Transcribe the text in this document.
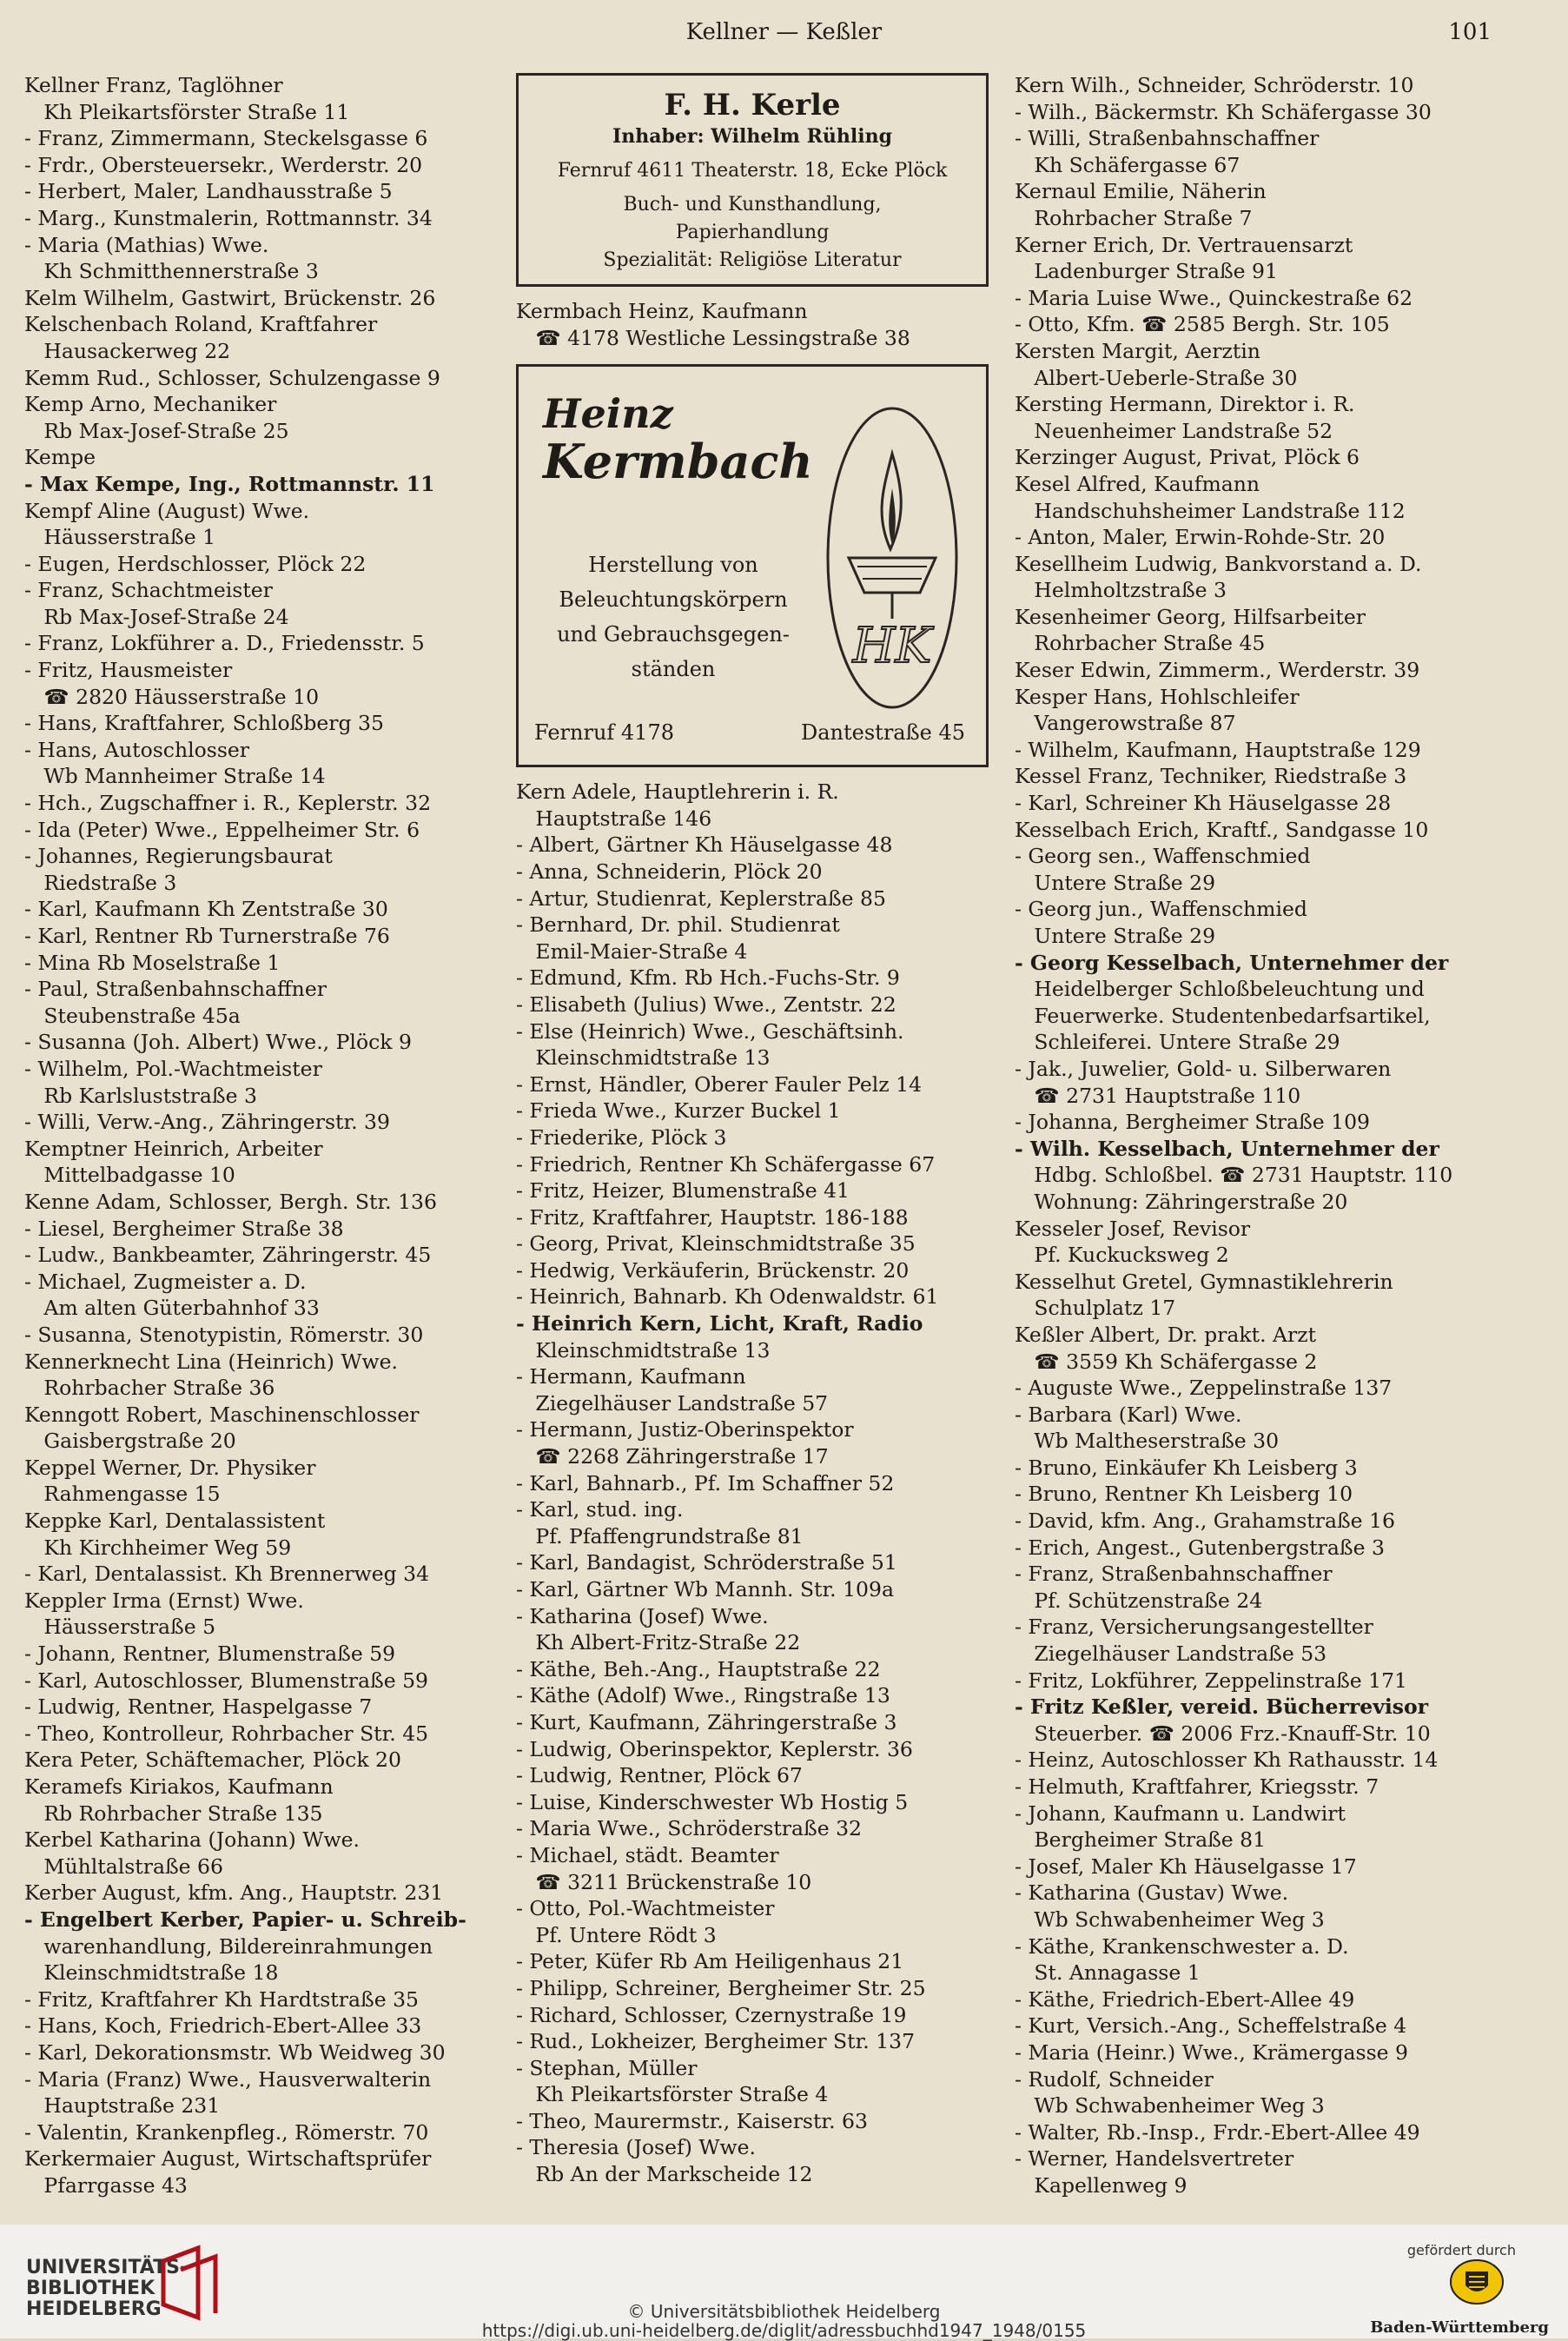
Kellner — Keßler	101
Kellner Franz, Taglöhner
Kh Pleikartsförster Straße 11
- Franz, Zimmermann, Steckelsgasse 6
- Frdr., Obersteuersekr., Werderstr. 20
- Herbert, Maler, Landhausstraße 5
- Marg., Kunstmalerin, Rottmannstr. 34
- Maria (Mathias) Wwe.
Kh Schmitthennerstraße 3
Kelm Wilhelm, Gastwirt, Brückenstr. 26
Kelschenbach Roland, Kraftfahrer
Hausackerweg 22
Kemm Rud., Schlosser, Schulzengasse 9
Kemp Arno, Mechaniker
Rb Max-Josef-Straße 25
Kempe
- Max Kempe, Ing., Rottmannstr. 11
Kempf Aline (August) Wwe.
Häusserstraße 1
- Eugen, Herdschlosser, Plöck 22
- Franz, Schachtmeister
Rb Max-Josef-Straße 24
- Franz, Lokführer a. D., Friedensstr. 5
- Fritz, Hausmeister
☎ 2820 Häusserstraße 10
- Hans, Kraftfahrer, Schloßberg 35
- Hans, Autoschlosser
Wb Mannheimer Straße 14
- Hch., Zugschaffner i. R., Keplerstr. 32
- Ida (Peter) Wwe., Eppelheimer Str. 6
- Johannes, Regierungsbaurat
Riedstraße 3
- Karl, Kaufmann Kh Zentstraße 30
- Karl, Rentner Rb Turnerstraße 76
- Mina Rb Moselstraße 1
- Paul, Straßenbahnschaffner
Steubenstraße 45a
- Susanna (Joh. Albert) Wwe., Plöck 9
- Wilhelm, Pol.-Wachtmeister
Rb Karlsluststraße 3
- Willi, Verw.-Ang., Zähringerstr. 39
Kemptner Heinrich, Arbeiter
Mittelbadgasse 10
Kenne Adam, Schlosser, Bergh. Str. 136
- Liesel, Bergheimer Straße 38
- Ludw., Bankbeamter, Zähringerstr. 45
- Michael, Zugmeister a. D.
Am alten Güterbahnhof 33
- Susanna, Stenotypistin, Römerstr. 30
Kennerknecht Lina (Heinrich) Wwe.
Rohrbacher Straße 36
Kenngott Robert, Maschinenschlosser
Gaisbergstraße 20
Keppel Werner, Dr. Physiker
Rahmengasse 15
Keppke Karl, Dentalassistent
Kh Kirchheimer Weg 59
- Karl, Dentalassist. Kh Brennerweg 34
Keppler Irma (Ernst) Wwe.
Häusserstraße 5
- Johann, Rentner, Blumenstraße 59
- Karl, Autoschlosser, Blumenstraße 59
- Ludwig, Rentner, Haspelgasse 7
- Theo, Kontrolleur, Rohrbacher Str. 45
Kera Peter, Schäftemacher, Plöck 20
Keramefs Kiriakos, Kaufmann
Rb Rohrbacher Straße 135
Kerbel Katharina (Johann) Wwe.
Mühltalstraße 66
Kerber August, kfm. Ang., Hauptstr. 231
- Engelbert Kerber, Papier- u. Schreib-
warenhandlung, Bildereinrahmungen
Kleinschmidtstraße 18
- Fritz, Kraftfahrer Kh Hardtstraße 35
- Hans, Koch, Friedrich-Ebert-Allee 33
- Karl, Dekorationsmstr. Wb Weidweg 30
- Maria (Franz) Wwe., Hausverwalterin
Hauptstraße 231
- Valentin, Krankenpfleg., Römerstr. 70
Kerkermaier August, Wirtschaftsprüfer
Pfarrgasse 43
F. H. Kerle
Inhaber: Wilhelm Rühling
Fernruf 4611 Theaterstr. 18, Ecke Plöck
Buch- und Kunsthandlung,
Papierhandlung
Spezialität: Religiöse Literatur
Kermbach Heinz, Kaufmann
☎ 4178 Westliche Lessingstraße 38
Heinz
Kermbach
Herstellung von
Beleuchtungskörpern
und Gebrauchsgegen-
ständen	HK
Fernruf 4178	Dantestraße 45
Kern Adele, Hauptlehrerin i. R.
Hauptstraße 146
- Albert, Gärtner Kh Häuselgasse 48
- Anna, Schneiderin, Plöck 20
- Artur, Studienrat, Keplerstraße 85
- Bernhard, Dr. phil. Studienrat
Emil-Maier-Straße 4
- Edmund, Kfm. Rb Hch.-Fuchs-Str. 9
- Elisabeth (Julius) Wwe., Zentstr. 22
- Else (Heinrich) Wwe., Geschäftsinh.
Kleinschmidtstraße 13
- Ernst, Händler, Oberer Fauler Pelz 14
- Frieda Wwe., Kurzer Buckel 1
- Friederike, Plöck 3
- Friedrich, Rentner Kh Schäfergasse 67
- Fritz, Heizer, Blumenstraße 41
- Fritz, Kraftfahrer, Hauptstr. 186-188
- Georg, Privat, Kleinschmidtstraße 35
- Hedwig, Verkäuferin, Brückenstr. 20
- Heinrich, Bahnarb. Kh Odenwaldstr. 61
- Heinrich Kern, Licht, Kraft, Radio
Kleinschmidtstraße 13
- Hermann, Kaufmann
Ziegelhäuser Landstraße 57
- Hermann, Justiz-Oberinspektor
☎ 2268 Zähringerstraße 17
- Karl, Bahnarb., Pf. Im Schaffner 52
- Karl, stud. ing.
Pf. Pfaffengrundstraße 81
- Karl, Bandagist, Schröderstraße 51
- Karl, Gärtner Wb Mannh. Str. 109a
- Katharina (Josef) Wwe.
Kh Albert-Fritz-Straße 22
- Käthe, Beh.-Ang., Hauptstraße 22
- Käthe (Adolf) Wwe., Ringstraße 13
- Kurt, Kaufmann, Zähringerstraße 3
- Ludwig, Oberinspektor, Keplerstr. 36
- Ludwig, Rentner, Plöck 67
- Luise, Kinderschwester Wb Hostig 5
- Maria Wwe., Schröderstraße 32
- Michael, städt. Beamter
☎ 3211 Brückenstraße 10
- Otto, Pol.-Wachtmeister
Pf. Untere Rödt 3
- Peter, Küfer Rb Am Heiligenhaus 21
- Philipp, Schreiner, Bergheimer Str. 25
- Richard, Schlosser, Czernystraße 19
- Rud., Lokheizer, Bergheimer Str. 137
- Stephan, Müller
Kh Pleikartsförster Straße 4
- Theo, Maurermstr., Kaiserstr. 63
- Theresia (Josef) Wwe.
Rb An der Markscheide 12
Kern Wilh., Schneider, Schröderstr. 10
- Wilh., Bäckermstr. Kh Schäfergasse 30
- Willi, Straßenbahnschaffner
Kh Schäfergasse 67
Kernaul Emilie, Näherin
Rohrbacher Straße 7
Kerner Erich, Dr. Vertrauensarzt
Ladenburger Straße 91
- Maria Luise Wwe., Quinckestraße 62
- Otto, Kfm. ☎ 2585 Bergh. Str. 105
Kersten Margit, Aerztin
Albert-Ueberle-Straße 30
Kersting Hermann, Direktor i. R.
Neuenheimer Landstraße 52
Kerzinger August, Privat, Plöck 6
Kesel Alfred, Kaufmann
Handschuhsheimer Landstraße 112
- Anton, Maler, Erwin-Rohde-Str. 20
Kesellheim Ludwig, Bankvorstand a. D.
Helmholtzstraße 3
Kesenheimer Georg, Hilfsarbeiter
Rohrbacher Straße 45
Keser Edwin, Zimmerm., Werderstr. 39
Kesper Hans, Hohlschleifer
Vangerowstraße 87
- Wilhelm, Kaufmann, Hauptstraße 129
Kessel Franz, Techniker, Riedstraße 3
- Karl, Schreiner Kh Häuselgasse 28
Kesselbach Erich, Kraftf., Sandgasse 10
- Georg sen., Waffenschmied
Untere Straße 29
- Georg jun., Waffenschmied
Untere Straße 29
- Georg Kesselbach, Unternehmer der
Heidelberger Schloßbeleuchtung und
Feuerwerke. Studentenbedarfsartikel,
Schleiferei. Untere Straße 29
- Jak., Juwelier, Gold- u. Silberwaren
☎ 2731 Hauptstraße 110
- Johanna, Bergheimer Straße 109
- Wilh. Kesselbach, Unternehmer der
Hdbg. Schloßbel. ☎ 2731 Hauptstr. 110
Wohnung: Zähringerstraße 20
Kesseler Josef, Revisor
Pf. Kuckucksweg 2
Kesselhut Gretel, Gymnastiklehrerin
Schulplatz 17
Keßler Albert, Dr. prakt. Arzt
☎ 3559 Kh Schäfergasse 2
- Auguste Wwe., Zeppelinstraße 137
- Barbara (Karl) Wwe.
Wb Maltheserstraße 30
- Bruno, Einkäufer Kh Leisberg 3
- Bruno, Rentner Kh Leisberg 10
- David, kfm. Ang., Grahamstraße 16
- Erich, Angest., Gutenbergstraße 3
- Franz, Straßenbahnschaffner
Pf. Schützenstraße 24
- Franz, Versicherungsangestellter
Ziegelhäuser Landstraße 53
- Fritz, Lokführer, Zeppelinstraße 171
- Fritz Keßler, vereid. Bücherrevisor
Steuerber. ☎ 2006 Frz.-Knauff-Str. 10
- Heinz, Autoschlosser Kh Rathausstr. 14
- Helmuth, Kraftfahrer, Kriegsstr. 7
- Johann, Kaufmann u. Landwirt
Bergheimer Straße 81
- Josef, Maler Kh Häuselgasse 17
- Katharina (Gustav) Wwe.
Wb Schwabenheimer Weg 3
- Käthe, Krankenschwester a. D.
St. Annagasse 1
- Käthe, Friedrich-Ebert-Allee 49
- Kurt, Versich.-Ang., Scheffelstraße 4
- Maria (Heinr.) Wwe., Krämergasse 9
- Rudolf, Schneider
Wb Schwabenheimer Weg 3
- Walter, Rb.-Insp., Frdr.-Ebert-Allee 49
- Werner, Handelsvertreter
Kapellenweg 9
UNIVERSITÄTS-
BIBLIOTHEK
HEIDELBERG	© Universitätsbibliothek Heidelberg
https://digi.ub.uni-heidelberg.de/diglit/adressbuchhd1947_1948/0155
gefördert durch
Baden-Württemberg
